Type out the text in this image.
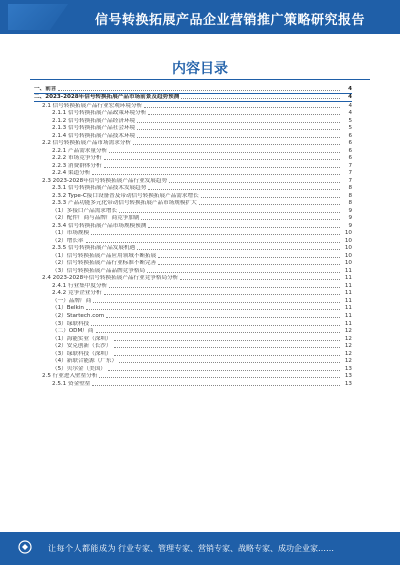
信号转换拓展产品企业营销推广策略研究报告
内容目录
一、前言	4
二、2023-2028年信号转换拓展产品市场前景及趋势预测	4
2.1 信号转换拓展产品行业宏观环境分析	4
2.1.1 信号转换拓展产品政策环境分析	4
2.1.2 信号转换拓展产品经济环境	5
2.1.3 信号转换拓展产品社会环境	5
2.1.4 信号转换拓展产品技术环境	6
2.2 信号转换拓展产品市场需求分析	6
2.2.1 产品需求量分析	6
2.2.2 市场竞争分析	6
2.2.3 消费群体分析	7
2.2.4 渠道分析	7
2.3 2023-2028年信号转换拓展产品行业发展趋势	7
2.3.1 信号转换拓展产品技术发展趋势	8
2.3.2 Type-C接口设备普及带动信号转换拓展产品需求增长	8
2.3.3 产品功能多元化带动信号转换拓展产品市场规模扩大	8
（1）多接口产品需求增长	9
（2）配件厂商与品牌厂商竞争加剧	9
2.3.4 信号转换拓展产品市场规模预测	9
（1）市场规模	10
（2）增长率	10
2.3.5 信号转换拓展产品发展机遇	10
（1）信号转换拓展产品应用领域不断拓展	10
（2）信号转换拓展产品行业标准不断完善	10
（3）信号转换拓展产品品牌竞争格局	11
2.4 2023-2028年信号转换拓展产品行业竞争格局分析	11
2.4.1 行业集中度分析	11
2.4.2 竞争企业分析	11
（一）品牌厂商	11
（1）Belkin	11
（2）Startech.com	11
（3）绿联科技	11
（二）ODM厂商	12
（1）海能实业（深圳）	12
（2）安克创新（长沙）	12
（3）绿联科技（深圳）	12
（4）新联合能源（广东）	12
（5）贝尔金（美国）	13
2.5 行业进入壁垒分析	13
2.5.1 资金壁垒	13
让每个人都能成为 行业专家、管理专家、营销专家、战略专家、成功企业家……
